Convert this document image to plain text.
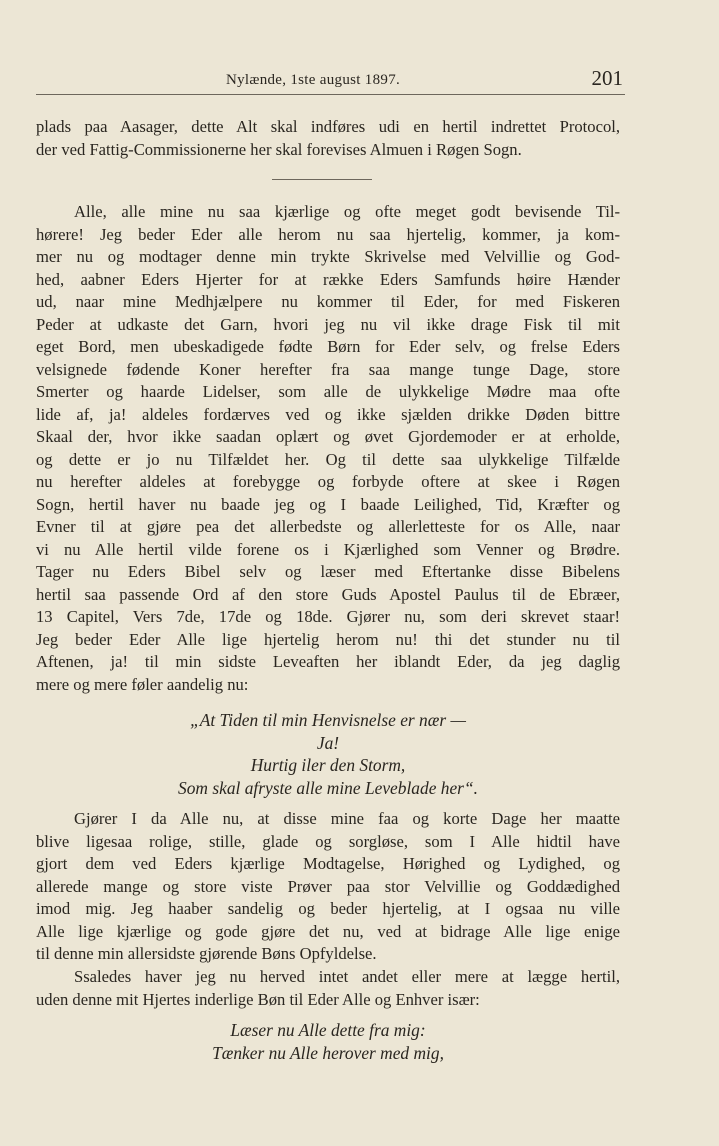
Nylænde, 1ste august 1897.	201

plads paa Aasager, dette Alt skal indføres udi en hertil indrettet Protocol,
der ved Fattig-Commissionerne her skal forevises Almuen i Røgen Sogn.

Alle, alle mine nu saa kjærlige og ofte meget godt bevisende Til-
hørere! Jeg beder Eder alle herom nu saa hjertelig, kommer, ja kom-
mer nu og modtager denne min trykte Skrivelse med Velvillie og God-
hed, aabner Eders Hjerter for at række Eders Samfunds høire Hænder
ud, naar mine Medhjælpere nu kommer til Eder, for med Fiskeren
Peder at udkaste det Garn, hvori jeg nu vil ikke drage Fisk til mit
eget Bord, men ubeskadigede fødte Børn for Eder selv, og frelse Eders
velsignede fødende Koner herefter fra saa mange tunge Dage, store
Smerter og haarde Lidelser, som alle de ulykkelige Mødre maa ofte
lide af, ja! aldeles fordærves ved og ikke sjælden drikke Døden bittre
Skaal der, hvor ikke saadan oplært og øvet Gjordemoder er at erholde,
og dette er jo nu Tilfældet her. Og til dette saa ulykkelige Tilfælde
nu herefter aldeles at forebygge og forbyde oftere at skee i Røgen
Sogn, hertil haver nu baade jeg og I baade Leilighed, Tid, Kræfter og
Evner til at gjøre pea det allerbedste og allerletteste for os Alle, naar
vi nu Alle hertil vilde forene os i Kjærlighed som Venner og Brødre.
Tager nu Eders Bibel selv og læser med Eftertanke disse Bibelens
hertil saa passende Ord af den store Guds Apostel Paulus til de Ebræer,
13 Capitel, Vers 7de, 17de og 18de. Gjører nu, som deri skrevet staar!
Jeg beder Eder Alle lige hjertelig herom nu! thi det stunder nu til
Aftenen, ja! til min sidste Leveaften her iblandt Eder, da jeg daglig
mere og mere føler aandelig nu:

„At Tiden til min Henvisnelse er nær —
Ja!
Hurtig iler den Storm,
Som skal afryste alle mine Leveblade her“.

Gjører I da Alle nu, at disse mine faa og korte Dage her maatte
blive ligesaa rolige, stille, glade og sorgløse, som I Alle hidtil have
gjort dem ved Eders kjærlige Modtagelse, Hørighed og Lydighed, og
allerede mange og store viste Prøver paa stor Velvillie og Goddædighed
imod mig. Jeg haaber sandelig og beder hjertelig, at I ogsaa nu ville
Alle lige kjærlige og gode gjøre det nu, ved at bidrage Alle lige enige
til denne min allersidste gjørende Bøns Opfyldelse.

Ssaledes haver jeg nu herved intet andet eller mere at lægge hertil,
uden denne mit Hjertes inderlige Bøn til Eder Alle og Enhver især:

Læser nu Alle dette fra mig:
Tænker nu Alle herover med mig,
